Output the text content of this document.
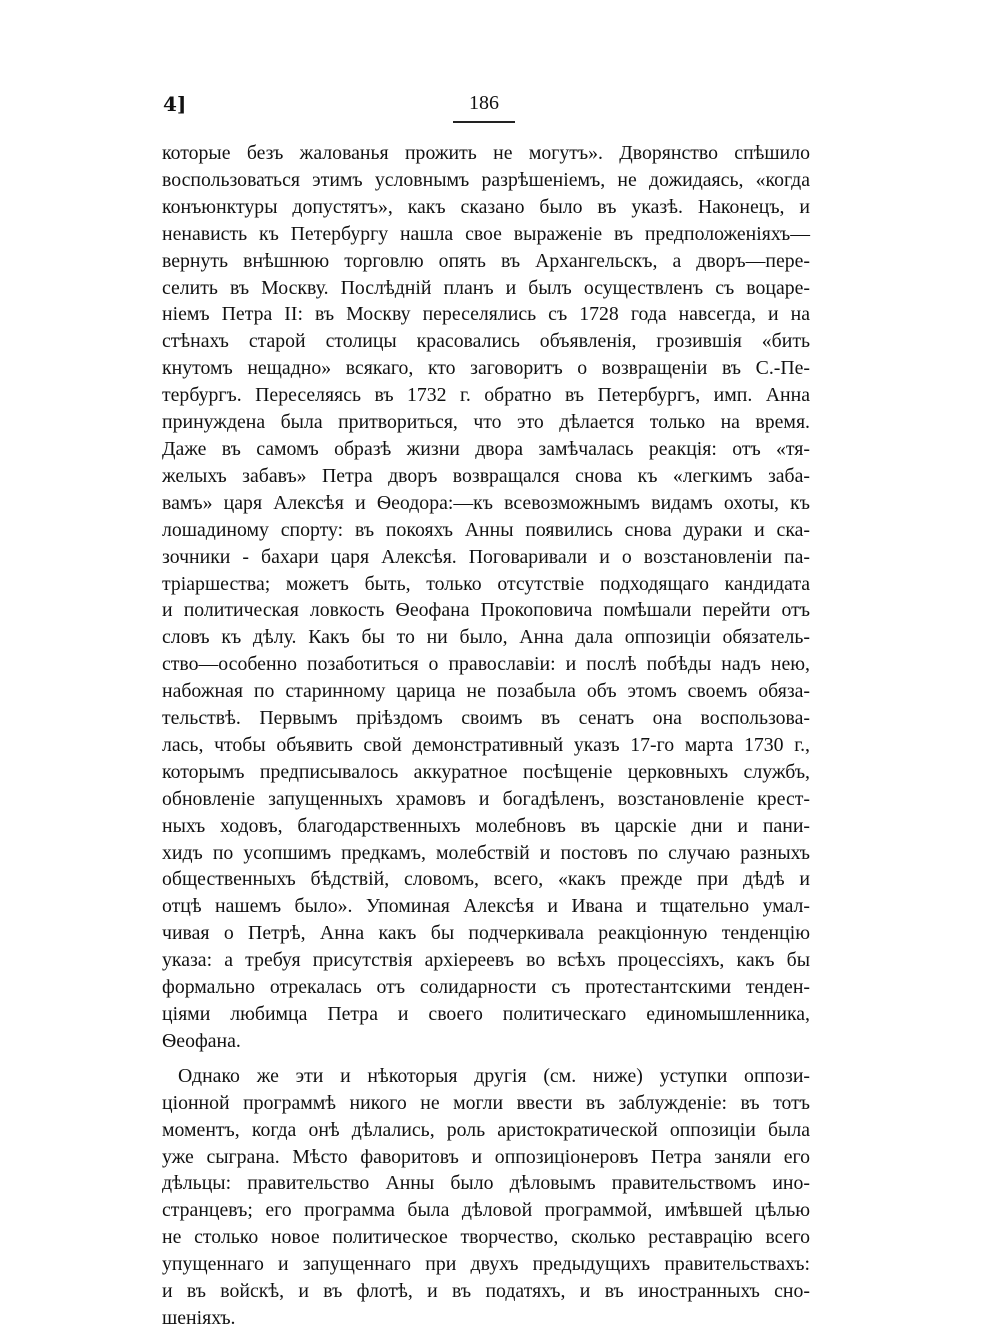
4]	186
которые безъ жалованья прожить не могутъ». Дворянство спѣшило
воспользоваться этимъ условнымъ разрѣшеніемъ, не дожидаясь, «когда
конъюнктуры допустятъ», какъ сказано было въ указѣ. Наконецъ, и
ненависть къ Петербургу нашла свое выраженіе въ предположеніяхъ—
вернуть внѣшнюю торговлю опять въ Архангельскъ, а дворъ—пере-
селить въ Москву. Послѣдній планъ и былъ осуществленъ съ воцаре-
ніемъ Петра II: въ Москву переселялись съ 1728 года навсегда, и на
стѣнахъ старой столицы красовались объявленія, грозившія «бить
кнутомъ нещадно» всякаго, кто заговоритъ о возвращеніи въ С.-Пе-
тербургъ. Переселяясь въ 1732 г. обратно въ Петербургъ, имп. Анна
принуждена была притвориться, что это дѣлается только на время.
Даже въ самомъ образѣ жизни двора замѣчалась реакція: отъ «тя-
желыхъ забавъ» Петра дворъ возвращался снова къ «легкимъ заба-
вамъ» царя Алексѣя и Ѳеодора:—къ всевозможнымъ видамъ охоты, къ
лошадиному спорту: въ покояхъ Анны появились снова дураки и ска-
зочники - бахари царя Алексѣя. Поговаривали и о возстановленіи па-
тріаршества; можетъ быть, только отсутствіе подходящаго кандидата
и политическая ловкость Ѳеофана Прокоповича помѣшали перейти отъ
словъ къ дѣлу. Какъ бы то ни было, Анна дала оппозиціи обязатель-
ство—особенно позаботиться о православіи: и послѣ побѣды надъ нею,
набожная по старинному царица не позабыла объ этомъ своемъ обяза-
тельствѣ. Первымъ пріѣздомъ своимъ въ сенатъ она воспользова-
лась, чтобы объявить свой демонстративный указъ 17-го марта 1730 г.,
которымъ предписывалось аккуратное посѣщеніе церковныхъ службъ,
обновленіе запущенныхъ храмовъ и богадѣленъ, возстановленіе крест-
ныхъ ходовъ, благодарственныхъ молебновъ въ царскіе дни и пани-
хидъ по усопшимъ предкамъ, молебствій и постовъ по случаю разныхъ
общественныхъ бѣдствій, словомъ, всего, «какъ прежде при дѣдѣ и
отцѣ нашемъ было». Упоминая Алексѣя и Ивана и тщательно умал-
чивая о Петрѣ, Анна какъ бы подчеркивала реакціонную тенденцію
указа: а требуя присутствія архіереевъ во всѣхъ процессіяхъ, какъ бы
формально отрекалась отъ солидарности съ протестантскими тенден-
ціями любимца Петра и своего политическаго единомышленника,
Ѳеофана.
Однако же эти и нѣкоторыя другія (см. ниже) уступки оппози-
ціонной программѣ никого не могли ввести въ заблужденіе: въ тотъ
моментъ, когда онѣ дѣлались, роль аристократической оппозиціи была
уже сыграна. Мѣсто фаворитовъ и оппозиціонеровъ Петра заняли его
дѣльцы: правительство Анны было дѣловымъ правительствомъ ино-
странцевъ; его программа была дѣловой программой, имѣвшей цѣлью
не столько новое политическое творчество, сколько реставрацію всего
упущеннаго и запущеннаго при двухъ предыдущихъ правительствахъ:
и въ войскѣ, и въ флотѣ, и въ податяхъ, и въ иностранныхъ сно-
шеніяхъ.
